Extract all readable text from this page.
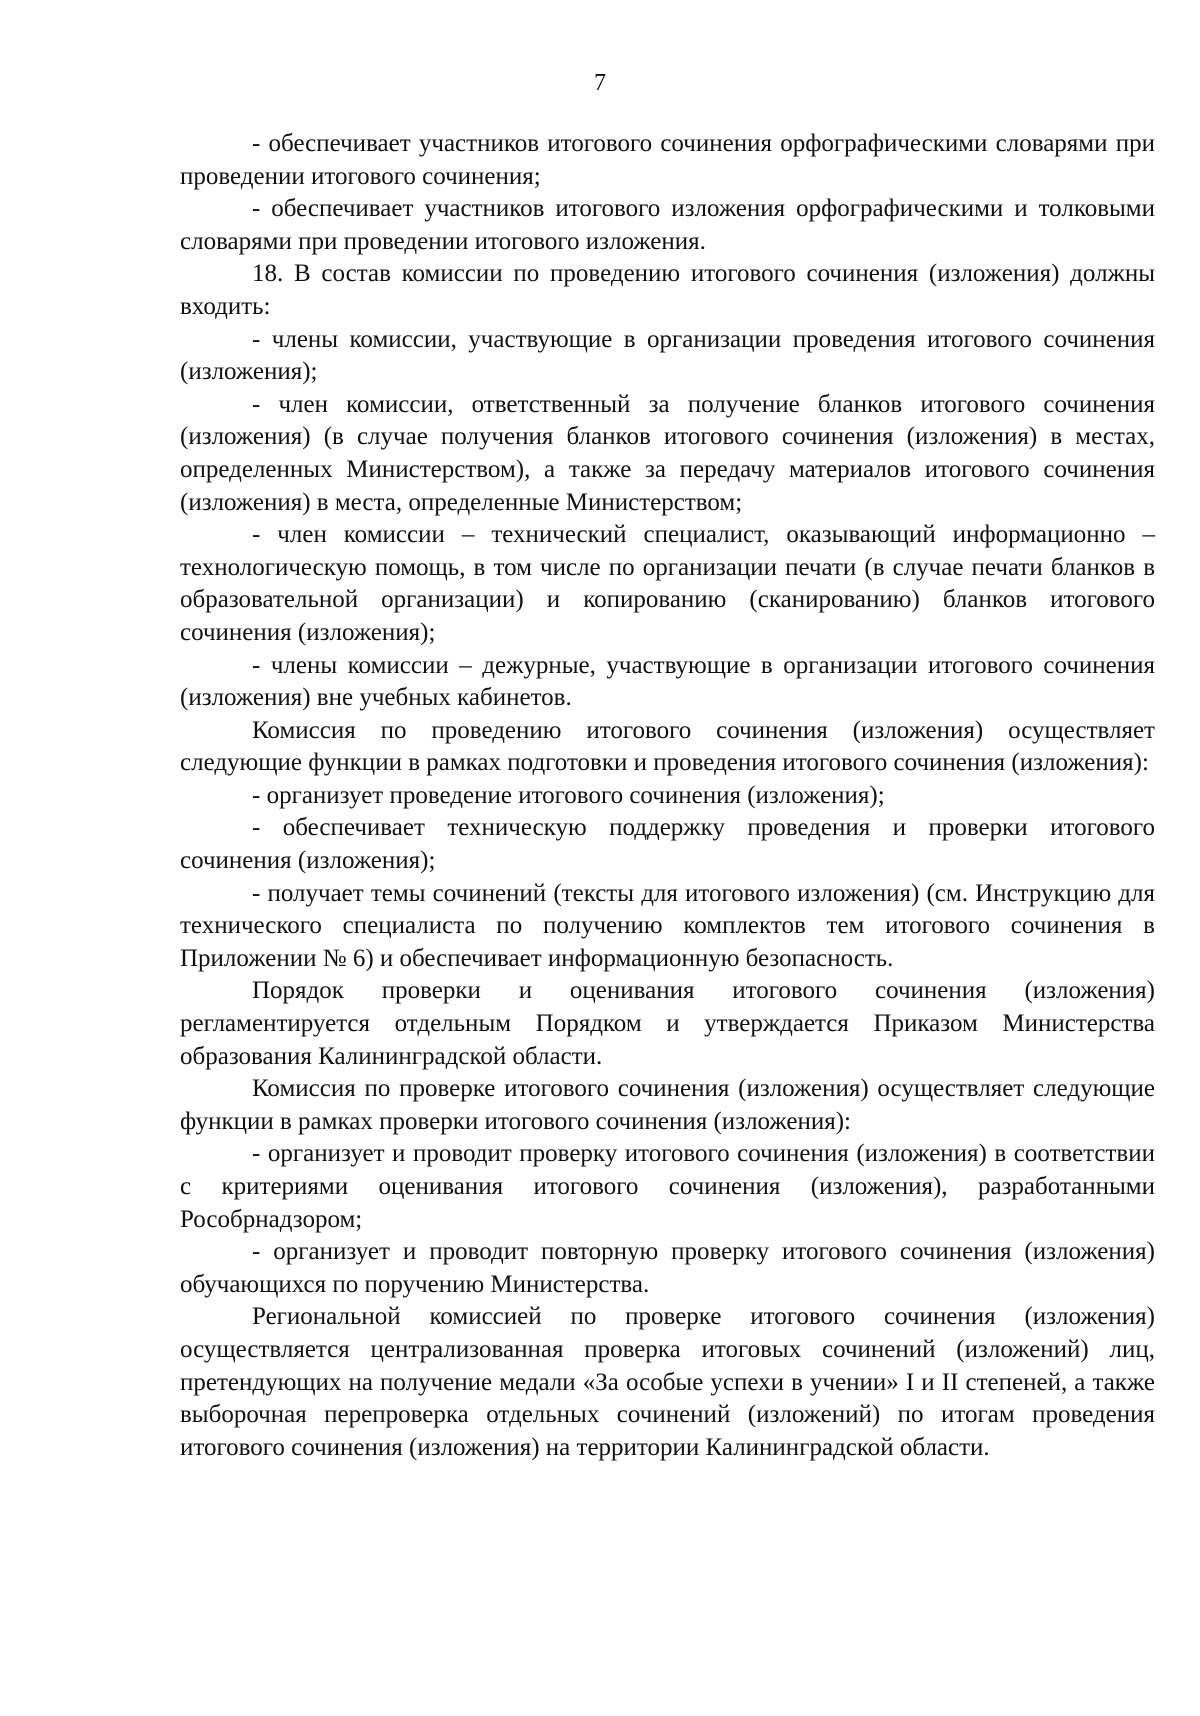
7

- обеспечивает участников итогового сочинения орфографическими словарями при проведении итогового сочинения;

- обеспечивает участников итогового изложения орфографическими и толковыми словарями при проведении итогового изложения.

18. В состав комиссии по проведению итогового сочинения (изложения) должны входить:

- члены комиссии, участвующие в организации проведения итогового сочинения (изложения);

- член комиссии, ответственный за получение бланков итогового сочинения (изложения) (в случае получения бланков итогового сочинения (изложения) в местах, определенных Министерством), а также за передачу материалов итогового сочинения (изложения) в места, определенные Министерством;

- член комиссии – технический специалист, оказывающий информационно – технологическую помощь, в том числе по организации печати (в случае печати бланков в образовательной организации) и копированию (сканированию) бланков итогового сочинения (изложения);

- члены комиссии – дежурные, участвующие в организации итогового сочинения (изложения) вне учебных кабинетов.

Комиссия по проведению итогового сочинения (изложения) осуществляет следующие функции в рамках подготовки и проведения итогового сочинения (изложения):

- организует проведение итогового сочинения (изложения);

- обеспечивает техническую поддержку проведения и проверки итогового сочинения (изложения);

- получает темы сочинений (тексты для итогового изложения) (см. Инструкцию для технического специалиста по получению комплектов тем итогового сочинения в Приложении № 6) и обеспечивает информационную безопасность.

Порядок проверки и оценивания итогового сочинения (изложения) регламентируется отдельным Порядком и утверждается Приказом Министерства образования Калининградской области.

Комиссия по проверке итогового сочинения (изложения) осуществляет следующие функции в рамках проверки итогового сочинения (изложения):

- организует и проводит проверку итогового сочинения (изложения) в соответствии с критериями оценивания итогового сочинения (изложения), разработанными Рособрнадзором;

- организует и проводит повторную проверку итогового сочинения (изложения) обучающихся по поручению Министерства.

Региональной комиссией по проверке итогового сочинения (изложения) осуществляется централизованная проверка итоговых сочинений (изложений) лиц, претендующих на получение медали «За особые успехи в учении» I и II степеней, а также выборочная перепроверка отдельных сочинений (изложений) по итогам проведения итогового сочинения (изложения) на территории Калининградской области.
